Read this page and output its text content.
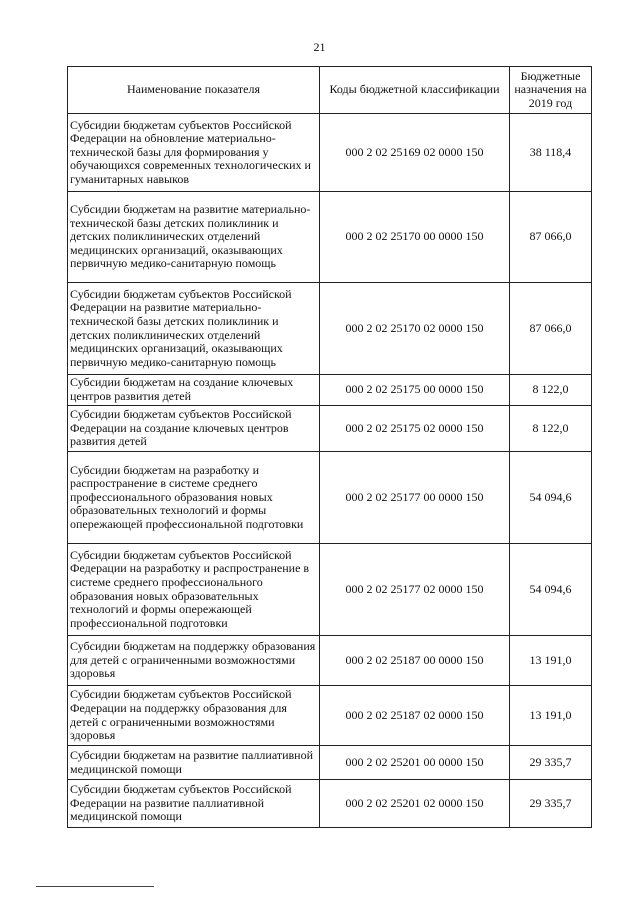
21
Наименование показателя	Коды бюджетной классификации	Бюджетные назначения на 2019 год
Субсидии бюджетам субъектов Российской Федерации на обновление материально-технической базы для формирования у обучающихся современных технологических и гуманитарных навыков	000 2 02 25169 02 0000 150	38 118,4
Субсидии бюджетам на развитие материально-технической базы детских поликлиник и детских поликлинических отделений медицинских организаций, оказывающих первичную медико-санитарную помощь	000 2 02 25170 00 0000 150	87 066,0
Субсидии бюджетам субъектов Российской Федерации на развитие материально-технической базы детских поликлиник и детских поликлинических отделений медицинских организаций, оказывающих первичную медико-санитарную помощь	000 2 02 25170 02 0000 150	87 066,0
Субсидии бюджетам на создание ключевых центров развития детей	000 2 02 25175 00 0000 150	8 122,0
Субсидии бюджетам субъектов Российской Федерации на создание ключевых центров развития детей	000 2 02 25175 02 0000 150	8 122,0
Субсидии бюджетам на разработку и распространение в системе среднего профессионального образования новых образовательных технологий и формы опережающей профессиональной подготовки	000 2 02 25177 00 0000 150	54 094,6
Субсидии бюджетам субъектов Российской Федерации на разработку и распространение в системе среднего профессионального образования новых образовательных технологий и формы опережающей профессиональной подготовки	000 2 02 25177 02 0000 150	54 094,6
Субсидии бюджетам на поддержку образования для детей с ограниченными возможностями здоровья	000 2 02 25187 00 0000 150	13 191,0
Субсидии бюджетам субъектов Российской Федерации на поддержку образования для детей с ограниченными возможностями здоровья	000 2 02 25187 02 0000 150	13 191,0
Субсидии бюджетам на развитие паллиативной медицинской помощи	000 2 02 25201 00 0000 150	29 335,7
Субсидии бюджетам субъектов Российской Федерации на развитие паллиативной медицинской помощи	000 2 02 25201 02 0000 150	29 335,7
